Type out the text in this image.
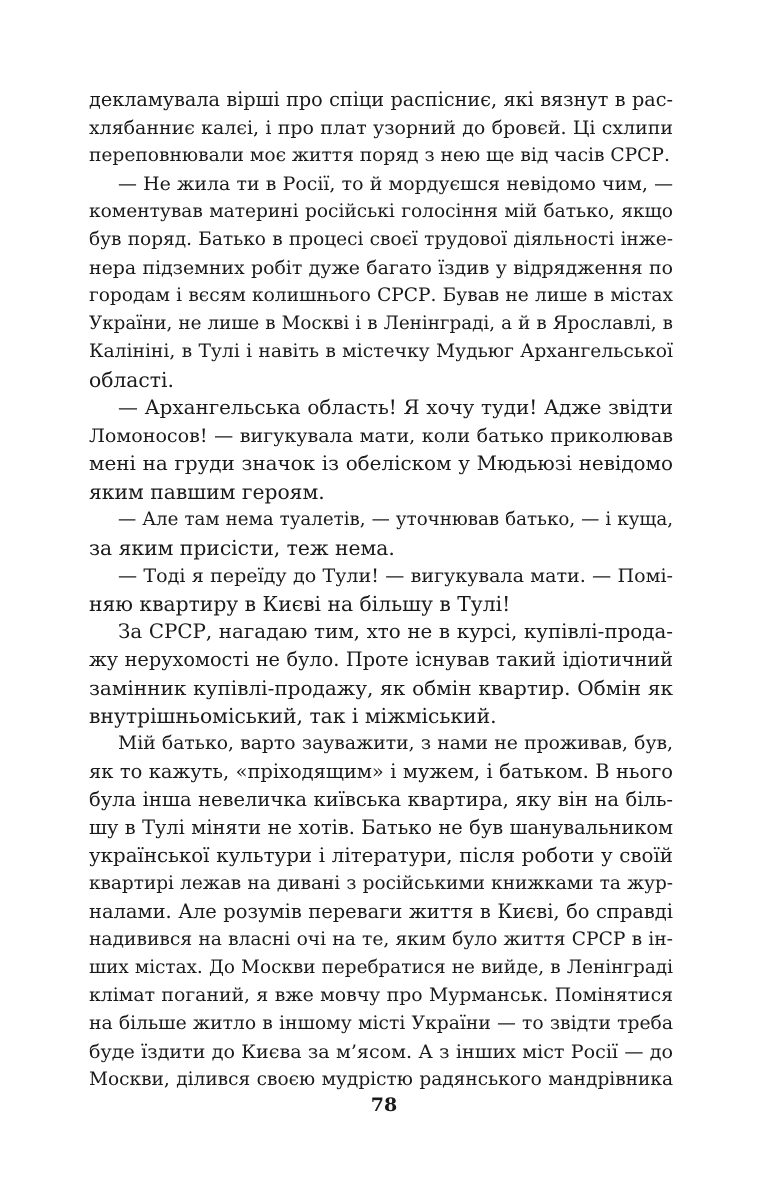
декламувала вірші про спіци распісниє, які вязнут в рас-
хлябанниє калєі, і про плат узорний до бровєй. Ці схлипи
переповнювали моє життя поряд з нею ще від часів СРСР.
— Не жила ти в Росії, то й мордуєшся невідомо чим, —
коментував материні російські голосіння мій батько, якщо
був поряд. Батько в процесі своєї трудової діяльності інже-
нера підземних робіт дуже багато їздив у відрядження по
городам і вєсям колишнього СРСР. Бував не лише в містах
України, не лише в Москві і в Ленінграді, а й в Ярославлі, в
Калініні, в Тулі і навіть в містечку Мудьюг Архангельської
області.
— Архангельська область! Я хочу туди! Адже звідти
Ломоносов! — вигукувала мати, коли батько приколював
мені на груди значок із обеліском у Мюдьюзі невідомо
яким павшим героям.
— Але там нема туалетів, — уточнював батько, — і куща,
за яким присісти, теж нема.
— Тоді я переїду до Тули! — вигукувала мати. — Помі-
няю квартиру в Києві на більшу в Тулі!
За СРСР, нагадаю тим, хто не в курсі, купівлі-прода-
жу нерухомості не було. Проте існував такий ідіотичний
замінник купівлі-продажу, як обмін квартир. Обмін як
внутрішньоміський, так і міжміський.
Мій батько, варто зауважити, з нами не проживав, був,
як то кажуть, «пріходящим» і мужем, і батьком. В нього
була інша невеличка київська квартира, яку він на біль-
шу в Тулі міняти не хотів. Батько не був шанувальником
української культури і літератури, після роботи у своїй
квартирі лежав на дивані з російськими книжками та жур-
налами. Але розумів переваги життя в Києві, бо справді
надивився на власні очі на те, яким було життя СРСР в ін-
ших містах. До Москви перебратися не вийде, в Ленінграді
клімат поганий, я вже мовчу про Мурманськ. Помінятися
на більше житло в іншому місті України — то звідти треба
буде їздити до Києва за м’ясом. А з інших міст Росії — до
Москви, ділився своєю мудрістю радянського мандрівника
78
